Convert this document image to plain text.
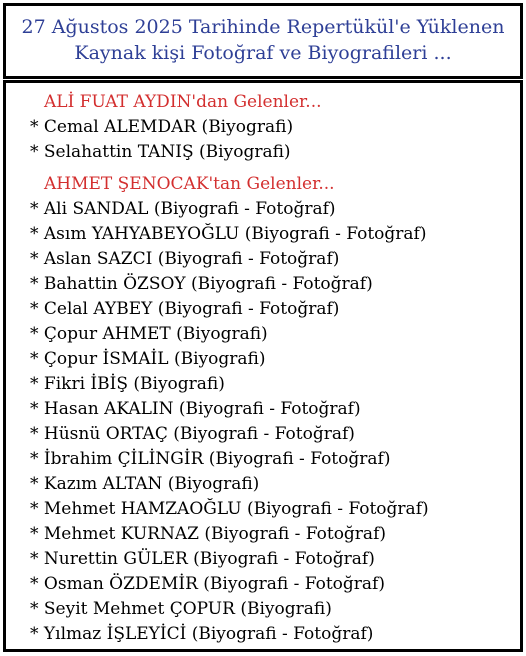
27 Ağustos 2025 Tarihinde Repertükül'e Yüklenen
Kaynak kişi Fotoğraf ve Biyografileri ...
ALİ FUAT AYDIN'dan Gelenler...
* Cemal ALEMDAR (Biyografi)
* Selahattin TANIŞ (Biyografi)
AHMET ŞENOCAK'tan Gelenler...
* Ali SANDAL (Biyografi - Fotoğraf)
* Asım YAHYABEYOĞLU (Biyografi - Fotoğraf)
* Aslan SAZCI (Biyografi - Fotoğraf)
* Bahattin ÖZSOY (Biyografi - Fotoğraf)
* Celal AYBEY (Biyografi - Fotoğraf)
* Çopur AHMET (Biyografi)
* Çopur İSMAİL (Biyografi)
* Fikri İBİŞ (Biyografi)
* Hasan AKALIN (Biyografi - Fotoğraf)
* Hüsnü ORTAÇ (Biyografi - Fotoğraf)
* İbrahim ÇİLİNGİR (Biyografi - Fotoğraf)
* Kazım ALTAN (Biyografi)
* Mehmet HAMZAOĞLU (Biyografi - Fotoğraf)
* Mehmet KURNAZ (Biyografi - Fotoğraf)
* Nurettin GÜLER (Biyografi - Fotoğraf)
* Osman ÖZDEMİR (Biyografi - Fotoğraf)
* Seyit Mehmet ÇOPUR (Biyografi)
* Yılmaz İŞLEYİCİ (Biyografi - Fotoğraf)
